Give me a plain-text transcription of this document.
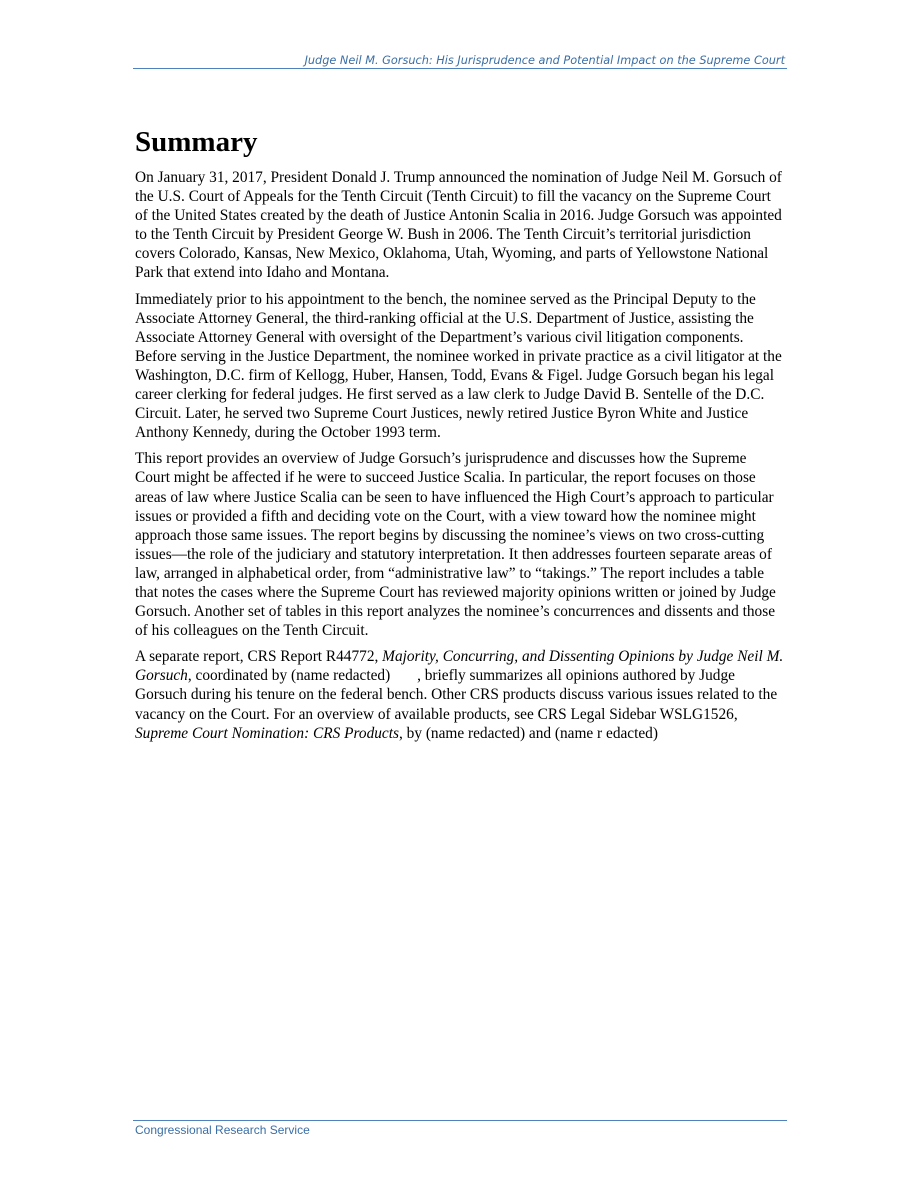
Judge Neil M. Gorsuch: His Jurisprudence and Potential Impact on the Supreme Court
Summary

On January 31, 2017, President Donald J. Trump announced the nomination of Judge Neil M. Gorsuch of the U.S. Court of Appeals for the Tenth Circuit (Tenth Circuit) to fill the vacancy on the Supreme Court of the United States created by the death of Justice Antonin Scalia in 2016. Judge Gorsuch was appointed to the Tenth Circuit by President George W. Bush in 2006. The Tenth Circuit’s territorial jurisdiction covers Colorado, Kansas, New Mexico, Oklahoma, Utah, Wyoming, and parts of Yellowstone National Park that extend into Idaho and Montana.

Immediately prior to his appointment to the bench, the nominee served as the Principal Deputy to the Associate Attorney General, the third-ranking official at the U.S. Department of Justice, assisting the Associate Attorney General with oversight of the Department’s various civil litigation components. Before serving in the Justice Department, the nominee worked in private practice as a civil litigator at the Washington, D.C. firm of Kellogg, Huber, Hansen, Todd, Evans & Figel. Judge Gorsuch began his legal career clerking for federal judges. He first served as a law clerk to Judge David B. Sentelle of the D.C. Circuit. Later, he served two Supreme Court Justices, newly retired Justice Byron White and Justice Anthony Kennedy, during the October 1993 term.

This report provides an overview of Judge Gorsuch’s jurisprudence and discusses how the Supreme Court might be affected if he were to succeed Justice Scalia. In particular, the report focuses on those areas of law where Justice Scalia can be seen to have influenced the High Court’s approach to particular issues or provided a fifth and deciding vote on the Court, with a view toward how the nominee might approach those same issues. The report begins by discussing the nominee’s views on two cross-cutting issues—the role of the judiciary and statutory interpretation. It then addresses fourteen separate areas of law, arranged in alphabetical order, from “administrative law” to “takings.” The report includes a table that notes the cases where the Supreme Court has reviewed majority opinions written or joined by Judge Gorsuch. Another set of tables in this report analyzes the nominee’s concurrences and dissents and those of his colleagues on the Tenth Circuit.

A separate report, CRS Report R44772, Majority, Concurring, and Dissenting Opinions by Judge Neil M. Gorsuch, coordinated by (name redacted)       , briefly summarizes all opinions authored by Judge Gorsuch during his tenure on the federal bench. Other CRS products discuss various issues related to the vacancy on the Court. For an overview of available products, see CRS Legal Sidebar WSLG1526, Supreme Court Nomination: CRS Products, by (name redacted) and (name r edacted)

Congressional Research Service
